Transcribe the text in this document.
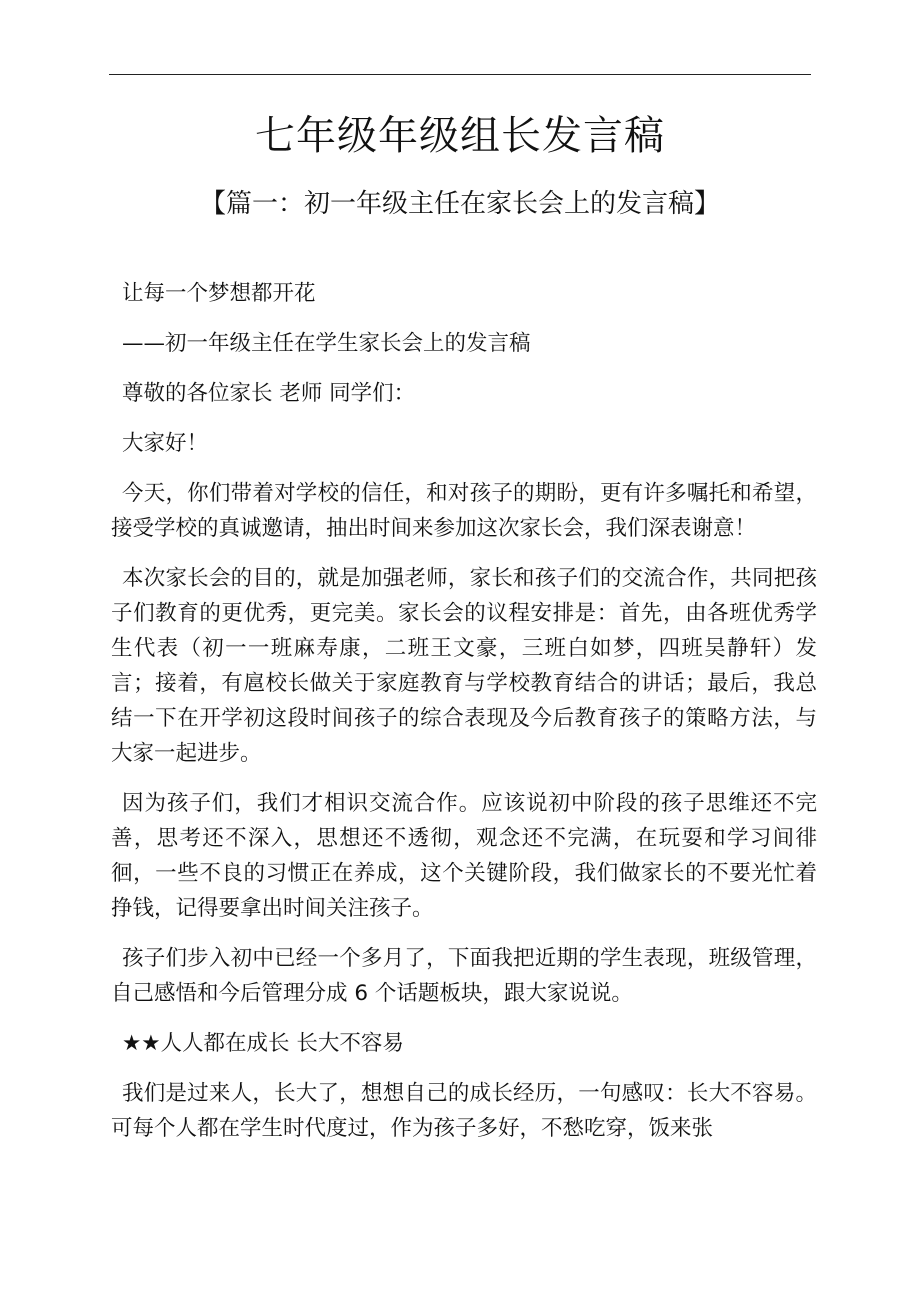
七年级年级组长发言稿
【篇一：初一年级主任在家长会上的发言稿】

让每一个梦想都开花

——初一年级主任在学生家长会上的发言稿

尊敬的各位家长 老师 同学们：

大家好！

今天，你们带着对学校的信任，和对孩子的期盼，更有许多嘱托和希望，接受学校的真诚邀请，抽出时间来参加这次家长会，我们深表谢意！

本次家长会的目的，就是加强老师，家长和孩子们的交流合作，共同把孩子们教育的更优秀，更完美。家长会的议程安排是：首先，由各班优秀学生代表（初一一班麻寿康，二班王文豪，三班白如梦，四班吴静轩）发言；接着，有扈校长做关于家庭教育与学校教育结合的讲话；最后，我总结一下在开学初这段时间孩子的综合表现及今后教育孩子的策略方法，与大家一起进步。

因为孩子们，我们才相识交流合作。应该说初中阶段的孩子思维还不完善，思考还不深入，思想还不透彻，观念还不完满，在玩耍和学习间徘徊，一些不良的习惯正在养成，这个关键阶段，我们做家长的不要光忙着挣钱，记得要拿出时间关注孩子。

孩子们步入初中已经一个多月了，下面我把近期的学生表现，班级管理，自己感悟和今后管理分成 6 个话题板块，跟大家说说。

★★人人都在成长 长大不容易

我们是过来人，长大了，想想自己的成长经历，一句感叹：长大不容易。可每个人都在学生时代度过，作为孩子多好，不愁吃穿，饭来张
